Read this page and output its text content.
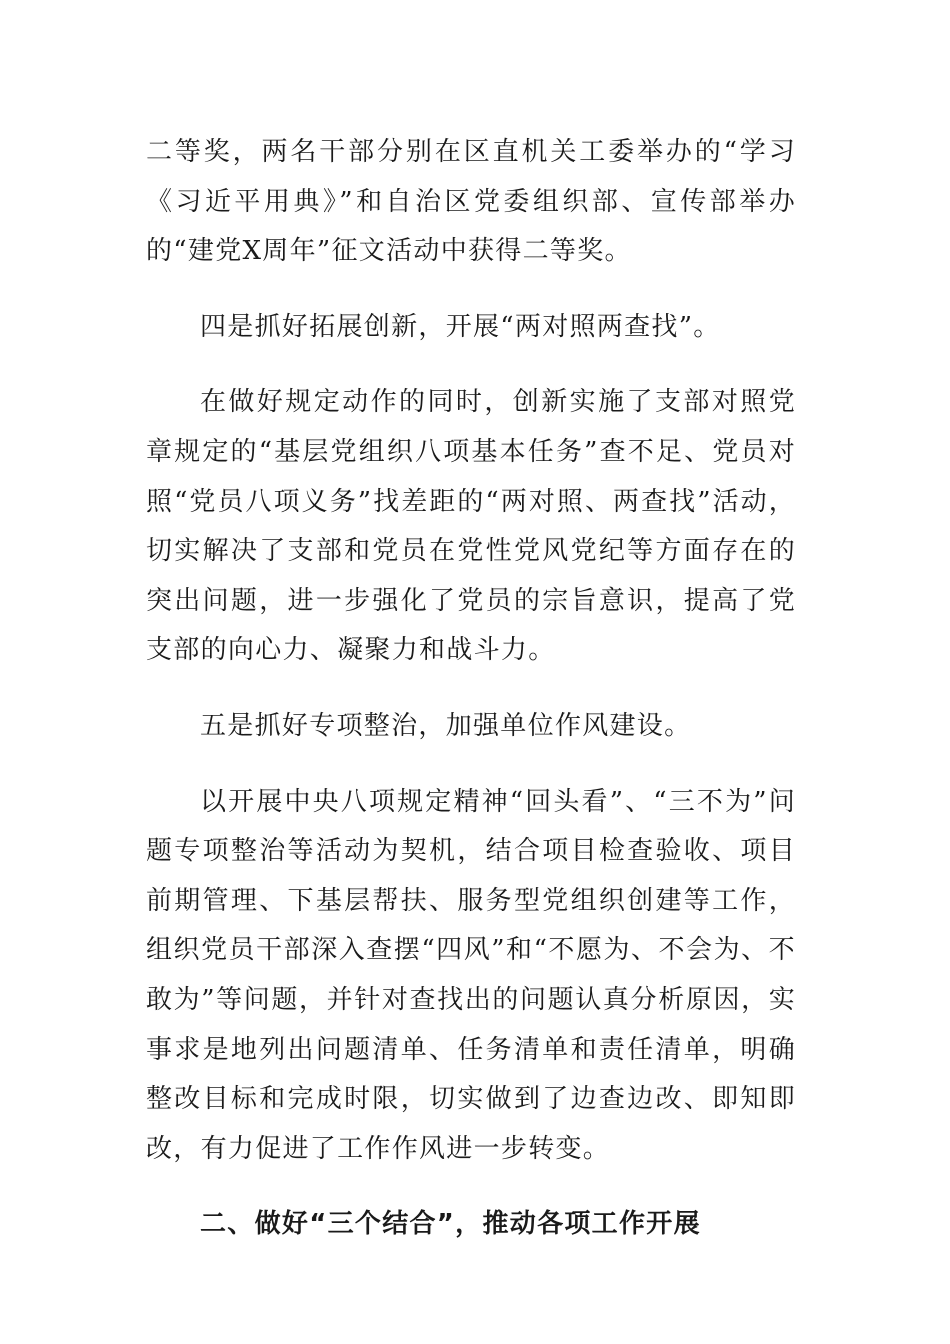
二等奖，两名干部分别在区直机关工委举办的“学习《习近平用典》”和自治区党委组织部、宣传部举办的“建党X周年”征文活动中获得二等奖。

四是抓好拓展创新，开展“两对照两查找”。

在做好规定动作的同时，创新实施了支部对照党章规定的“基层党组织八项基本任务”查不足、党员对照“党员八项义务”找差距的“两对照、两查找”活动，切实解决了支部和党员在党性党风党纪等方面存在的突出问题，进一步强化了党员的宗旨意识，提高了党支部的向心力、凝聚力和战斗力。

五是抓好专项整治，加强单位作风建设。

以开展中央八项规定精神“回头看”、“三不为”问题专项整治等活动为契机，结合项目检查验收、项目前期管理、下基层帮扶、服务型党组织创建等工作，组织党员干部深入查摆“四风”和“不愿为、不会为、不敢为”等问题，并针对查找出的问题认真分析原因，实事求是地列出问题清单、任务清单和责任清单，明确整改目标和完成时限，切实做到了边查边改、即知即改，有力促进了工作作风进一步转变。

二、做好“三个结合”，推动各项工作开展
